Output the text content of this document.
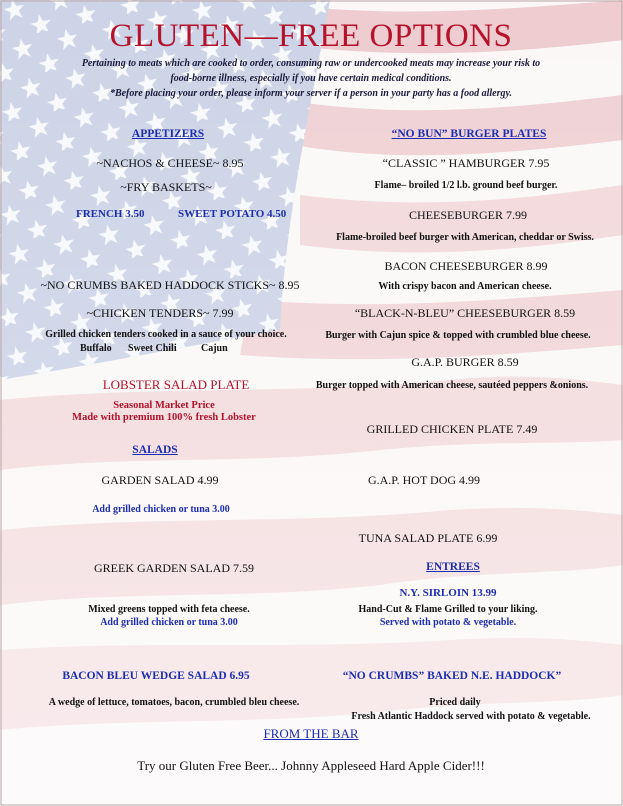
GLUTEN—FREE OPTIONS
Pertaining to meats which are cooked to order, consuming raw or undercooked meats may increase your risk to
food-borne illness, especially if you have certain medical conditions.
*Before placing your order, please inform your server if a person in your party has a food allergy.
APPETIZERS
~NACHOS & CHEESE~ 8.95
~FRY BASKETS~
FRENCH 3.50	SWEET POTATO 4.50
~NO CRUMBS BAKED HADDOCK STICKS~ 8.95
~CHICKEN TENDERS~ 7.99
Grilled chicken tenders cooked in a sauce of your choice.
Buffalo Sweet Chili Cajun
LOBSTER SALAD PLATE
Seasonal Market Price
Made with premium 100% fresh Lobster
SALADS
GARDEN SALAD 4.99
Add grilled chicken or tuna 3.00
GREEK GARDEN SALAD 7.59
Mixed greens topped with feta cheese.
Add grilled chicken or tuna 3.00
BACON BLEU WEDGE SALAD 6.95
A wedge of lettuce, tomatoes, bacon, crumbled bleu cheese.
“NO BUN” BURGER PLATES
“CLASSIC ” HAMBURGER 7.95
Flame– broiled 1/2 l.b. ground beef burger.
CHEESEBURGER 7.99
Flame-broiled beef burger with American, cheddar or Swiss.
BACON CHEESEBURGER 8.99
With crispy bacon and American cheese.
“BLACK-N-BLEU” CHEESEBURGER 8.59
Burger with Cajun spice & topped with crumbled blue cheese.
G.A.P. BURGER 8.59
Burger topped with American cheese, sautéed peppers &onions.
GRILLED CHICKEN PLATE 7.49
G.A.P. HOT DOG 4.99
TUNA SALAD PLATE 6.99
ENTREES
N.Y. SIRLOIN 13.99
Hand-Cut & Flame Grilled to your liking.
Served with potato & vegetable.
“NO CRUMBS” BAKED N.E. HADDOCK”
Priced daily
Fresh Atlantic Haddock served with potato & vegetable.
FROM THE BAR
Try our Gluten Free Beer... Johnny Appleseed Hard Apple Cider!!!
